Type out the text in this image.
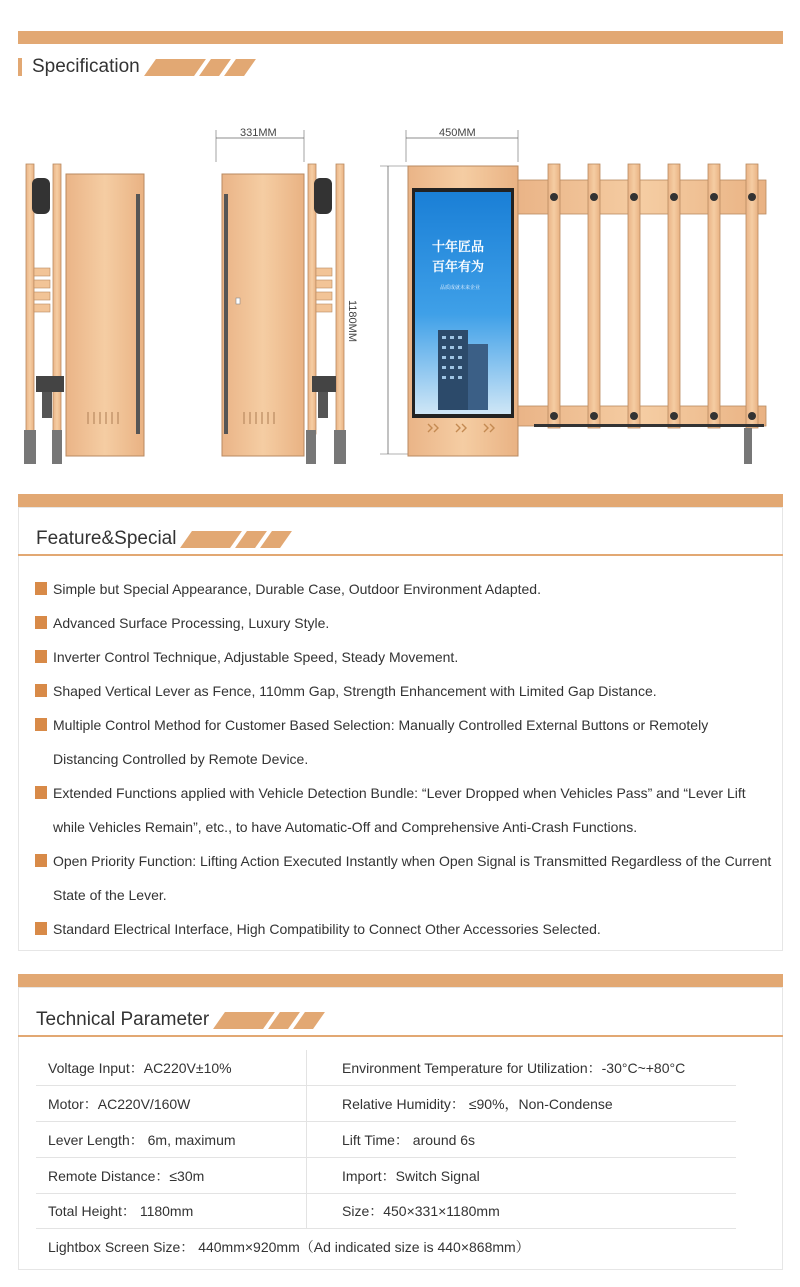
Specification
331MM	450MM
1180MM
十年匠品
百年有为
品质成就未来企业
Feature&Special
Simple but Special Appearance, Durable Case, Outdoor Environment Adapted.
Advanced Surface Processing, Luxury Style.
Inverter Control Technique, Adjustable Speed, Steady Movement.
Shaped Vertical Lever as Fence, 110mm Gap, Strength Enhancement with Limited Gap Distance.
Multiple Control Method for Customer Based Selection: Manually Controlled External Buttons or Remotely Distancing Controlled by Remote Device.
Extended Functions applied with Vehicle Detection Bundle: “Lever Dropped when Vehicles Pass” and “Lever Lift while Vehicles Remain”, etc., to have Automatic-Off and Comprehensive Anti-Crash Functions.
Open Priority Function: Lifting Action Executed Instantly when Open Signal is Transmitted Regardless of the Current State of the Lever.
Standard Electrical Interface, High Compatibility to Connect Other Accessories Selected.
Technical Parameter
Voltage Input：AC220V±10%	Environment Temperature for Utilization：-30°C~+80°C
Motor：AC220V/160W	Relative Humidity： ≤90%，Non-Condense
Lever Length： 6m, maximum	Lift Time： around 6s
Remote Distance：≤30m	Import：Switch Signal
Total Height： 1180mm	Size：450×331×1180mm
Lightbox Screen Size： 440mm×920mm（Ad indicated size is 440×868mm）
